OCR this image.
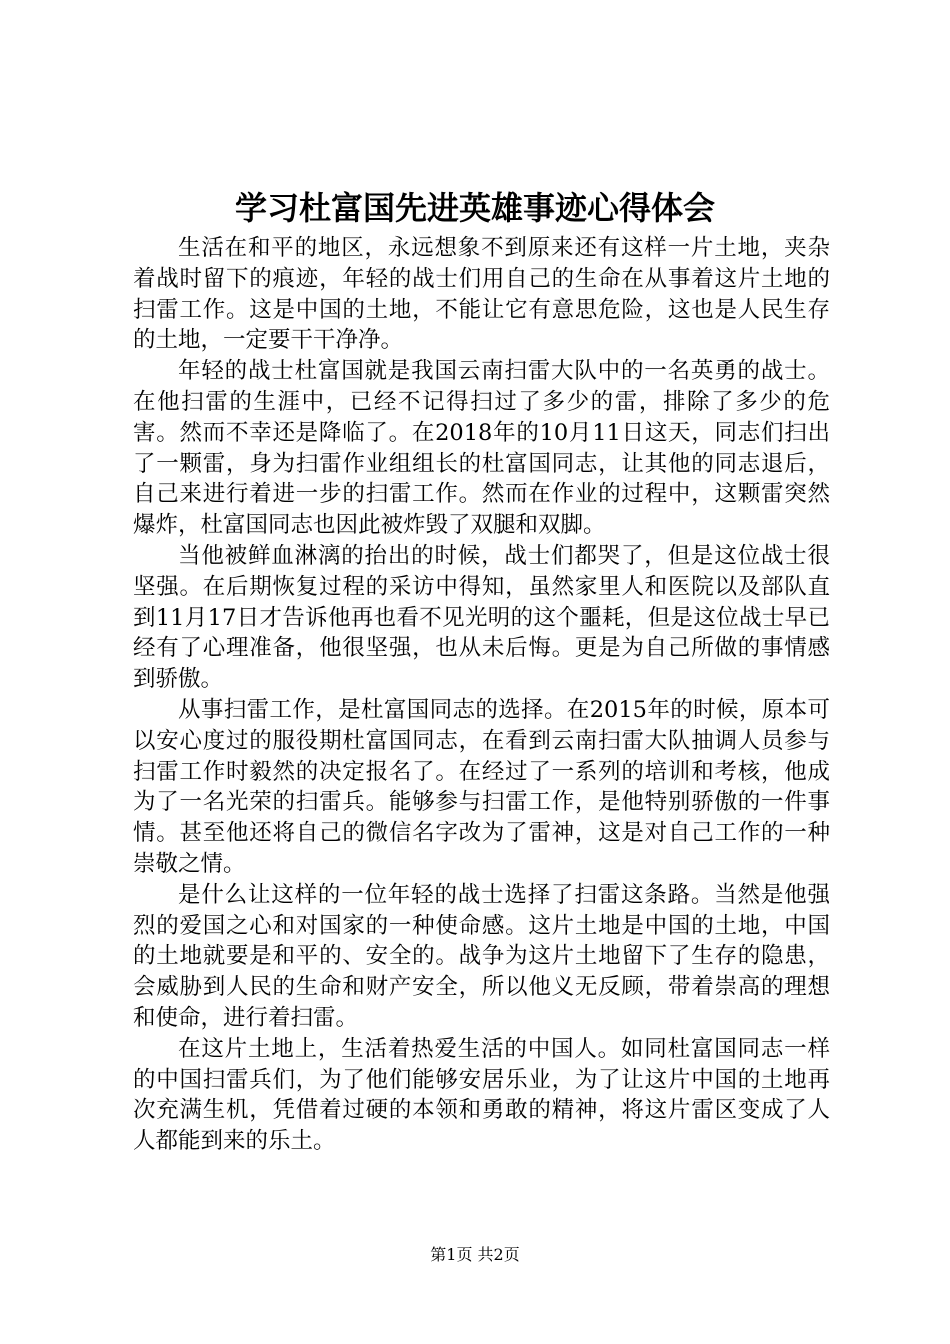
学习杜富国先进英雄事迹心得体会

生活在和平的地区，永远想象不到原来还有这样一片土地，夹杂着战时留下的痕迹，年轻的战士们用自己的生命在从事着这片土地的扫雷工作。这是中国的土地，不能让它有意思危险，这也是人民生存的土地，一定要干干净净。

年轻的战士杜富国就是我国云南扫雷大队中的一名英勇的战士。在他扫雷的生涯中，已经不记得扫过了多少的雷，排除了多少的危害。然而不幸还是降临了。在2018年的10月11日这天，同志们扫出了一颗雷，身为扫雷作业组组长的杜富国同志，让其他的同志退后，自己来进行着进一步的扫雷工作。然而在作业的过程中，这颗雷突然爆炸，杜富国同志也因此被炸毁了双腿和双脚。

当他被鲜血淋漓的抬出的时候，战士们都哭了，但是这位战士很坚强。在后期恢复过程的采访中得知，虽然家里人和医院以及部队直到11月17日才告诉他再也看不见光明的这个噩耗，但是这位战士早已经有了心理准备，他很坚强，也从未后悔。更是为自己所做的事情感到骄傲。

从事扫雷工作，是杜富国同志的选择。在2015年的时候，原本可以安心度过的服役期杜富国同志，在看到云南扫雷大队抽调人员参与扫雷工作时毅然的决定报名了。在经过了一系列的培训和考核，他成为了一名光荣的扫雷兵。能够参与扫雷工作，是他特别骄傲的一件事情。甚至他还将自己的微信名字改为了雷神，这是对自己工作的一种崇敬之情。

是什么让这样的一位年轻的战士选择了扫雷这条路。当然是他强烈的爱国之心和对国家的一种使命感。这片土地是中国的土地，中国的土地就要是和平的、安全的。战争为这片土地留下了生存的隐患，会威胁到人民的生命和财产安全，所以他义无反顾，带着崇高的理想和使命，进行着扫雷。

在这片土地上，生活着热爱生活的中国人。如同杜富国同志一样的中国扫雷兵们，为了他们能够安居乐业，为了让这片中国的土地再次充满生机，凭借着过硬的本领和勇敢的精神，将这片雷区变成了人人都能到来的乐土。

第1页 共2页
